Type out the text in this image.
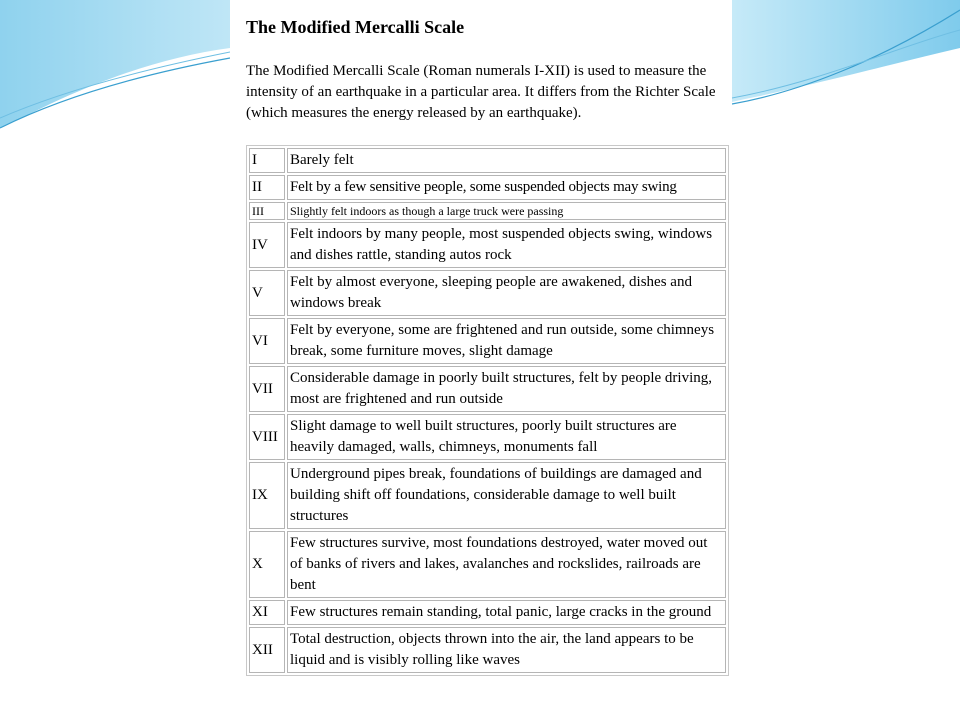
The Modified Mercalli Scale
The Modified Mercalli Scale (Roman numerals I-XII) is used to measure the intensity of an earthquake in a particular area. It differs from the Richter Scale (which measures the energy released by an earthquake).
I	Barely felt
II	Felt by a few sensitive people, some suspended objects may swing
III	Slightly felt indoors as though a large truck were passing
IV	Felt indoors by many people, most suspended objects swing, windows and dishes rattle, standing autos rock
V	Felt by almost everyone, sleeping people are awakened, dishes and windows break
VI	Felt by everyone, some are frightened and run outside, some chimneys break, some furniture moves, slight damage
VII	Considerable damage in poorly built structures, felt by people driving, most are frightened and run outside
VIII	Slight damage to well built structures, poorly built structures are heavily damaged, walls, chimneys, monuments fall
IX	Underground pipes break, foundations of buildings are damaged and building shift off foundations, considerable damage to well built structures
X	Few structures survive, most foundations destroyed, water moved out of banks of rivers and lakes, avalanches and rockslides, railroads are bent
XI	Few structures remain standing, total panic, large cracks in the ground
XII	Total destruction, objects thrown into the air, the land appears to be liquid and is visibly rolling like waves
